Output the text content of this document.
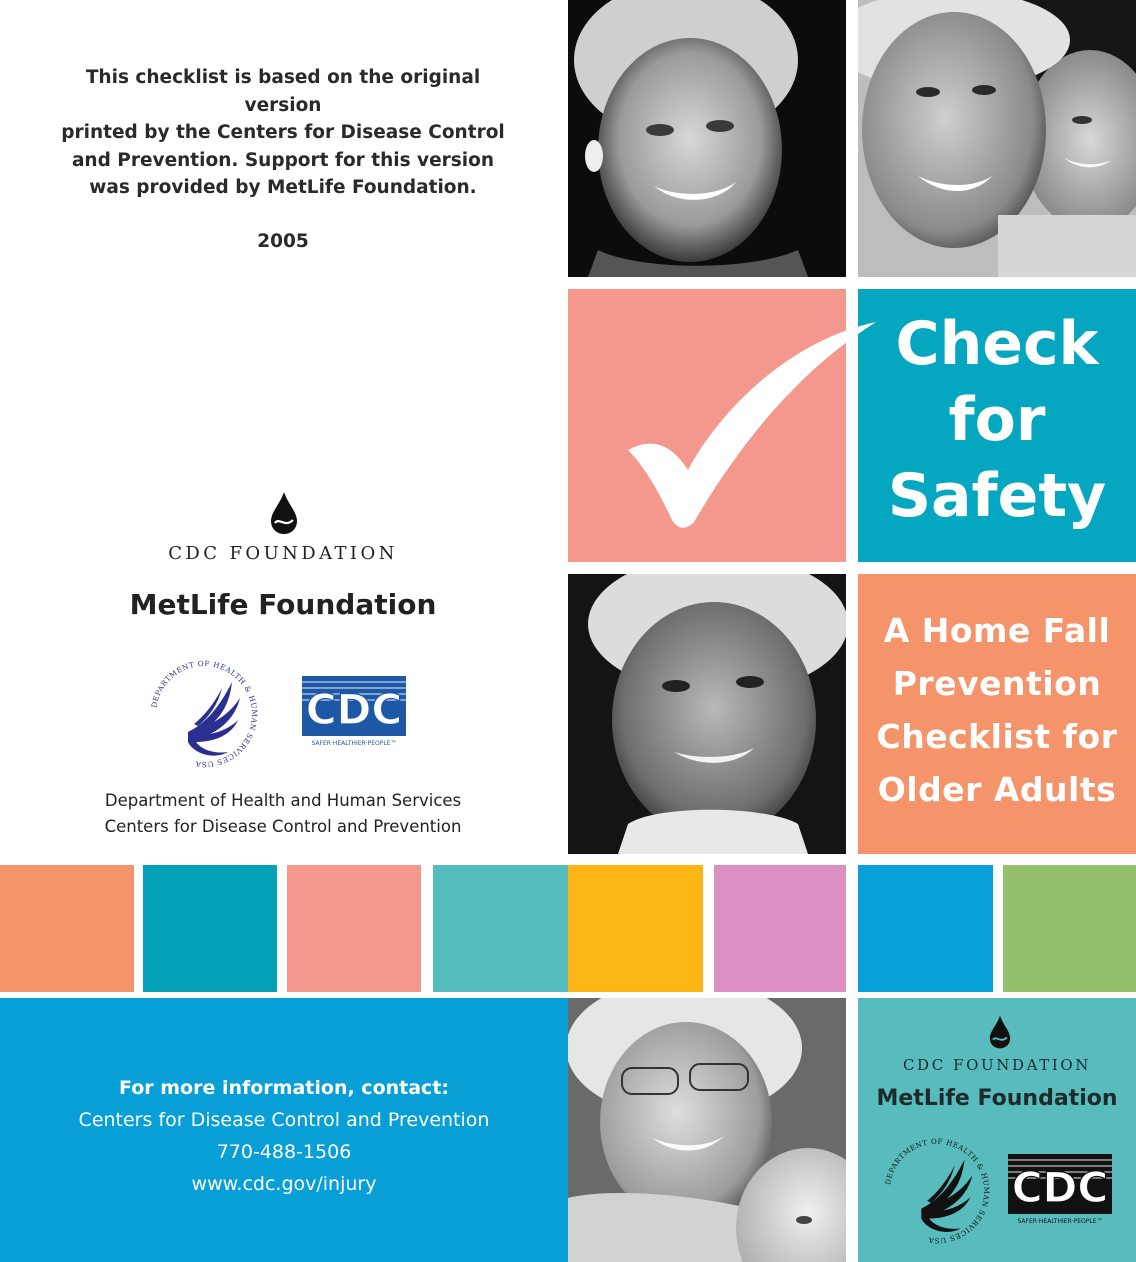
This checklist is based on the original version
printed by the Centers for Disease Control
and Prevention. Support for this version
was provided by MetLife Foundation.
2005
CDC FOUNDATION
MetLife Foundation
DEPARTMENT OF HEALTH & HUMAN SERVICES USA
CDC
SAFER·HEALTHIER·PEOPLE™
Department of Health and Human Services
Centers for Disease Control and Prevention
Check
for
Safety
A Home Fall
Prevention
Checklist for
Older Adults
For more information, contact:
Centers for Disease Control and Prevention
770-488-1506
www.cdc.gov/injury
CDC FOUNDATION
MetLife Foundation
DEPARTMENT OF HEALTH & HUMAN SERVICES USA
CDC
SAFER·HEALTHIER·PEOPLE™
